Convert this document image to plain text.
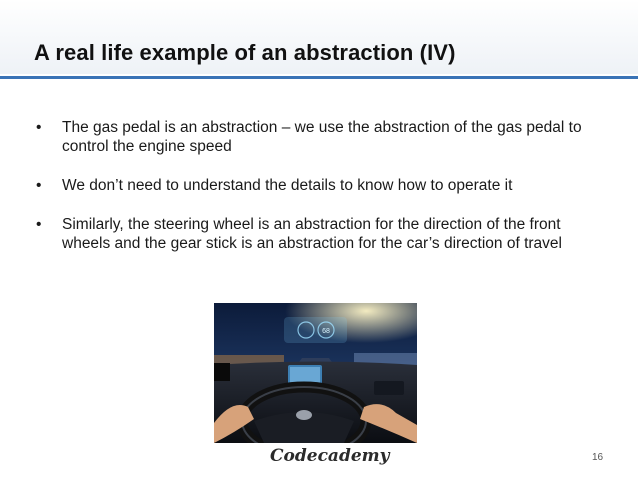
A real life example of an abstraction (IV)
• The gas pedal is an abstraction – we use the abstraction of the gas pedal to control the engine speed
• We don’t need to understand the details to know how to operate it
• Similarly, the steering wheel is an abstraction for the direction of the front wheels and the gear stick is an abstraction for the car’s direction of travel
68
Codecademy	16
